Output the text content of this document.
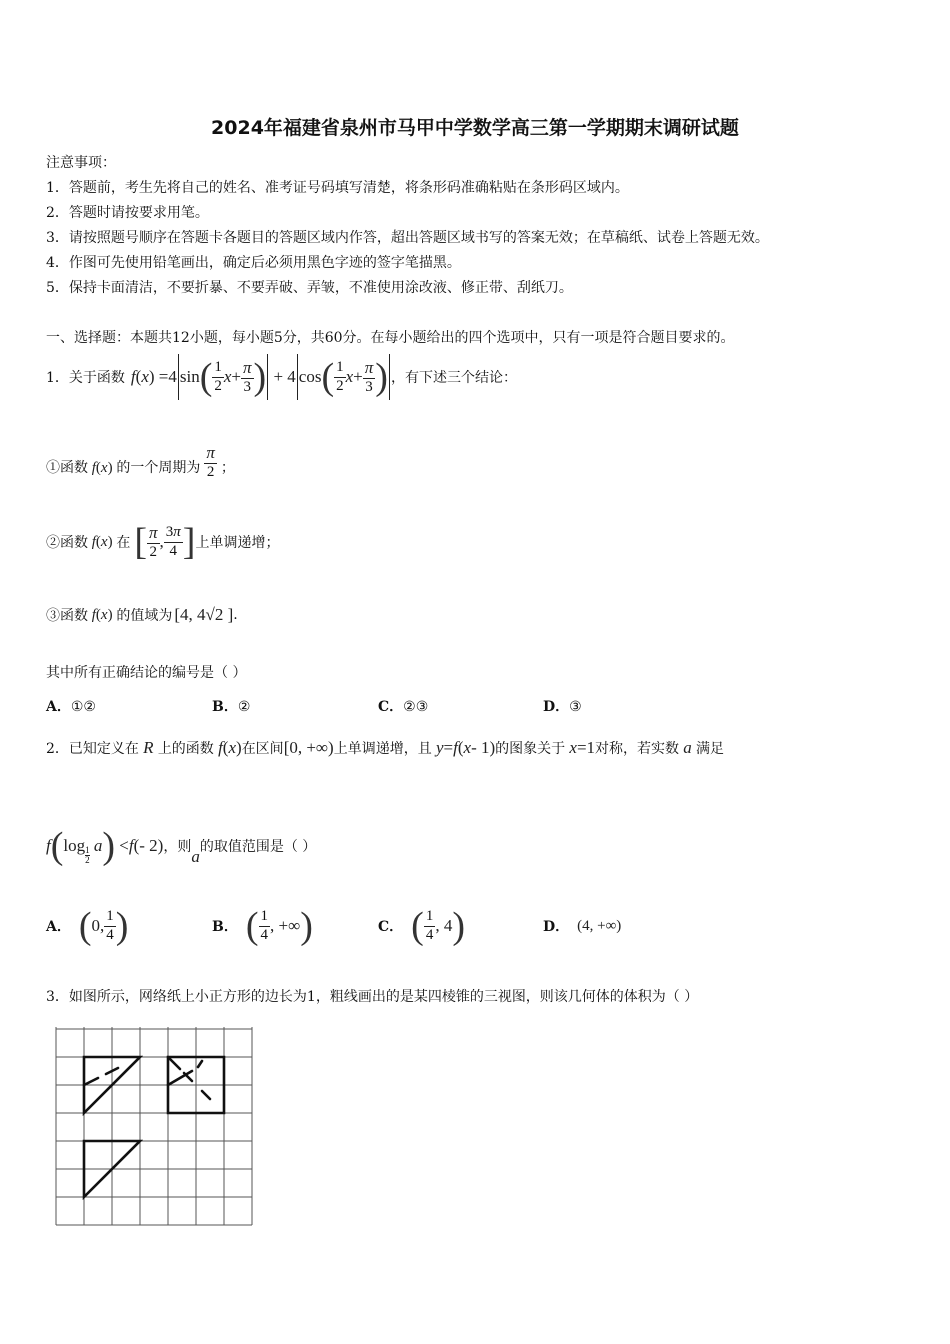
2024年福建省泉州市马甲中学数学高三第一学期期末调研试题
注意事项：
1．答题前，考生先将自己的姓名、准考证号码填写清楚，将条形码准确粘贴在条形码区域内。
2．答题时请按要求用笔。
3．请按照题号顺序在答题卡各题目的答题区域内作答，超出答题区域书写的答案无效；在草稿纸、试卷上答题无效。
4．作图可先使用铅笔画出，确定后必须用黑色字迹的签字笔描黑。
5．保持卡面清洁，不要折暴、不要弄破、弄皱，不准使用涂改液、修正带、刮纸刀。
一、选择题：本题共12小题，每小题5分，共60分。在每小题给出的四个选项中，只有一项是符合题目要求的。
1．关于函数 f ( x ) =4 sin ( $\frac{1}{2}$ $x + \frac{\pi}{3}$ ) + 4 cos ( $\frac{1}{2}$ $x + \frac{\pi}{3}$ ) ，有下述三个结论：
①函数 f ( x ) 的一个周期为 $\frac{\pi}{2}$ ；
②函数 f ( x ) 在 [ $\frac{\pi}{2}$ , $\frac{3\pi}{4}$ ] 上单调递增；
③函数 f ( x ) 的值域为 [4, 4√2 ] .
其中所有正确结论的编号是（ ）
A．①②	B．②	C．②③	D．③
2．已知定义在 R 上的函数 f ( x ) 在区间 [0, +∞) 上单调递增，且 y = f ( x - 1) 的图象关于 x =1 对称，若实数 a 满足
f ( log 1
2
a ) < f (- 2) ，则 a 的取值范围是（ ）
A． ( 0, $\frac{1}{4}$ )	B． ( $\frac{1}{4}$ , +∞ )	C． ( $\frac{1}{4}$ , 4 )	D． (4, +∞)
3．如图所示，网络纸上小正方形的边长为1，粗线画出的是某四棱锥的三视图，则该几何体的体积为（ ）
